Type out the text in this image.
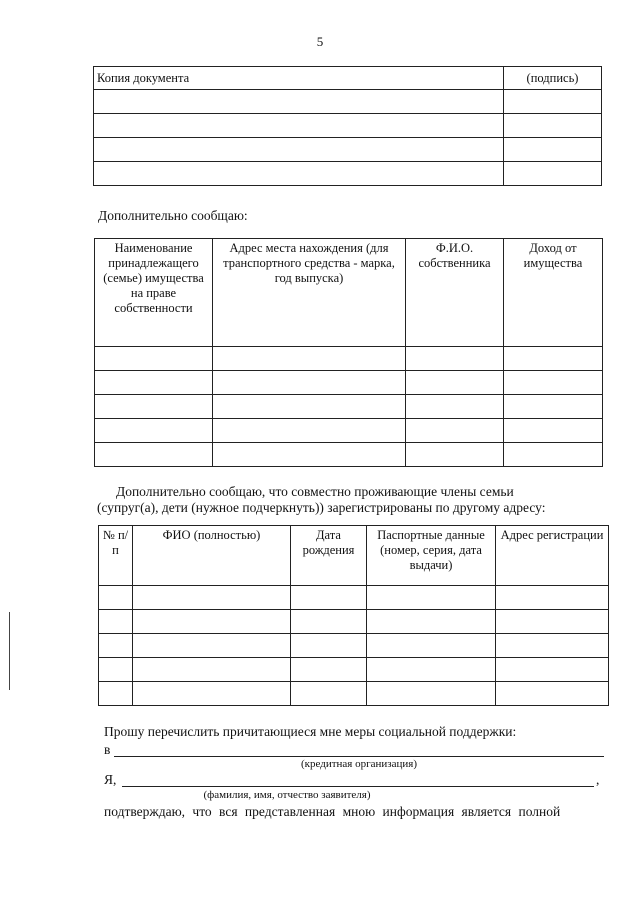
5
Копия документа	(подпись)

Дополнительно сообщаю:
Наименование принадлежащего (семье) имущества на праве собственности	Адрес места нахождения (для транспортного средства - марка, год выпуска)	Ф.И.О. собственника	Доход от имущества

Дополнительно сообщаю, что совместно проживающие члены семьи
(супруг(а), дети (нужное подчеркнуть)) зарегистрированы по другому адресу:
№ п/п	ФИО (полностью)	Дата рождения	Паспортные данные (номер, серия, дата выдачи)	Адрес регистрации

Прошу перечислить причитающиеся мне меры социальной поддержки:
в
(кредитная организация)
Я,	,
(фамилия, имя, отчество заявителя)
подтверждаю, что вся представленная мною информация является полной
